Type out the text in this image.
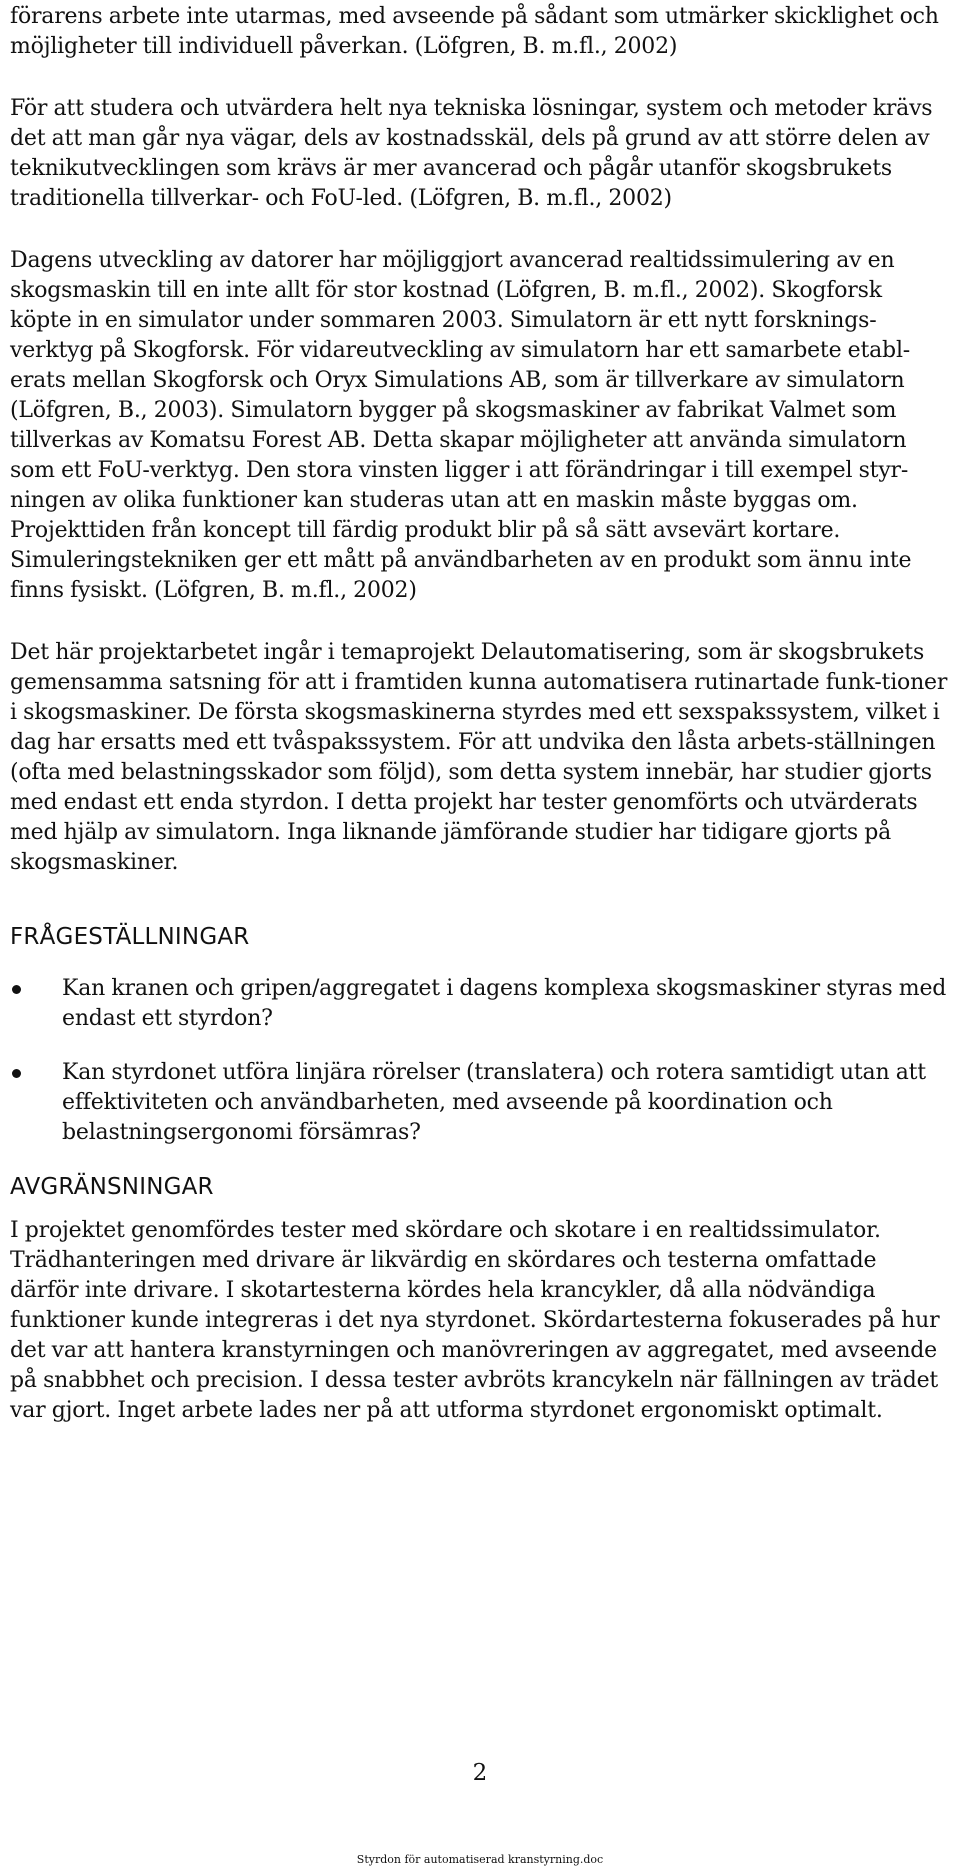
förarens arbete inte utarmas, med avseende på sådant som utmärker skicklighet och möjligheter till individuell påverkan. (Löfgren, B. m.fl., 2002)

För att studera och utvärdera helt nya tekniska lösningar, system och metoder krävs det att man går nya vägar, dels av kostnadsskäl, dels på grund av att större delen av teknikutvecklingen som krävs är mer avancerad och pågår utanför skogsbrukets traditionella tillverkar- och FoU-led. (Löfgren, B. m.fl., 2002)

Dagens utveckling av datorer har möjliggjort avancerad realtidssimulering av en skogsmaskin till en inte allt för stor kostnad (Löfgren, B. m.fl., 2002). Skogforsk köpte in en simulator under sommaren 2003. Simulatorn är ett nytt forsknings-verktyg på Skogforsk. För vidareutveckling av simulatorn har ett samarbete etabl-erats mellan Skogforsk och Oryx Simulations AB, som är tillverkare av simulatorn (Löfgren, B., 2003). Simulatorn bygger på skogsmaskiner av fabrikat Valmet som tillverkas av Komatsu Forest AB. Detta skapar möjligheter att använda simulatorn som ett FoU-verktyg. Den stora vinsten ligger i att förändringar i till exempel styr-ningen av olika funktioner kan studeras utan att en maskin måste byggas om. Projekttiden från koncept till färdig produkt blir på så sätt avsevärt kortare. Simuleringstekniken ger ett mått på användbarheten av en produkt som ännu inte finns fysiskt. (Löfgren, B. m.fl., 2002)

Det här projektarbetet ingår i temaprojekt Delautomatisering, som är skogsbrukets gemensamma satsning för att i framtiden kunna automatisera rutinartade funk-tioner i skogsmaskiner. De första skogsmaskinerna styrdes med ett sexspakssystem, vilket i dag har ersatts med ett tvåspakssystem. För att undvika den låsta arbets-ställningen (ofta med belastningsskador som följd), som detta system innebär, har studier gjorts med endast ett enda styrdon. I detta projekt har tester genomförts och utvärderats med hjälp av simulatorn. Inga liknande jämförande studier har tidigare gjorts på skogsmaskiner.

FRÅGESTÄLLNINGAR
Kan kranen och gripen/aggregatet i dagens komplexa skogsmaskiner styras med endast ett styrdon?
Kan styrdonet utföra linjära rörelser (translatera) och rotera samtidigt utan att effektiviteten och användbarheten, med avseende på koordination och belastningsergonomi försämras?
AVGRÄNSNINGAR

I projektet genomfördes tester med skördare och skotare i en realtidssimulator. Trädhanteringen med drivare är likvärdig en skördares och testerna omfattade därför inte drivare. I skotartesterna kördes hela krancykler, då alla nödvändiga funktioner kunde integreras i det nya styrdonet. Skördartesterna fokuserades på hur det var att hantera kranstyrningen och manövreringen av aggregatet, med avseende på snabbhet och precision. I dessa tester avbröts krancykeln när fällningen av trädet var gjort. Inget arbete lades ner på att utforma styrdonet ergonomiskt optimalt.

2
Styrdon för automatiserad kranstyrning.doc
